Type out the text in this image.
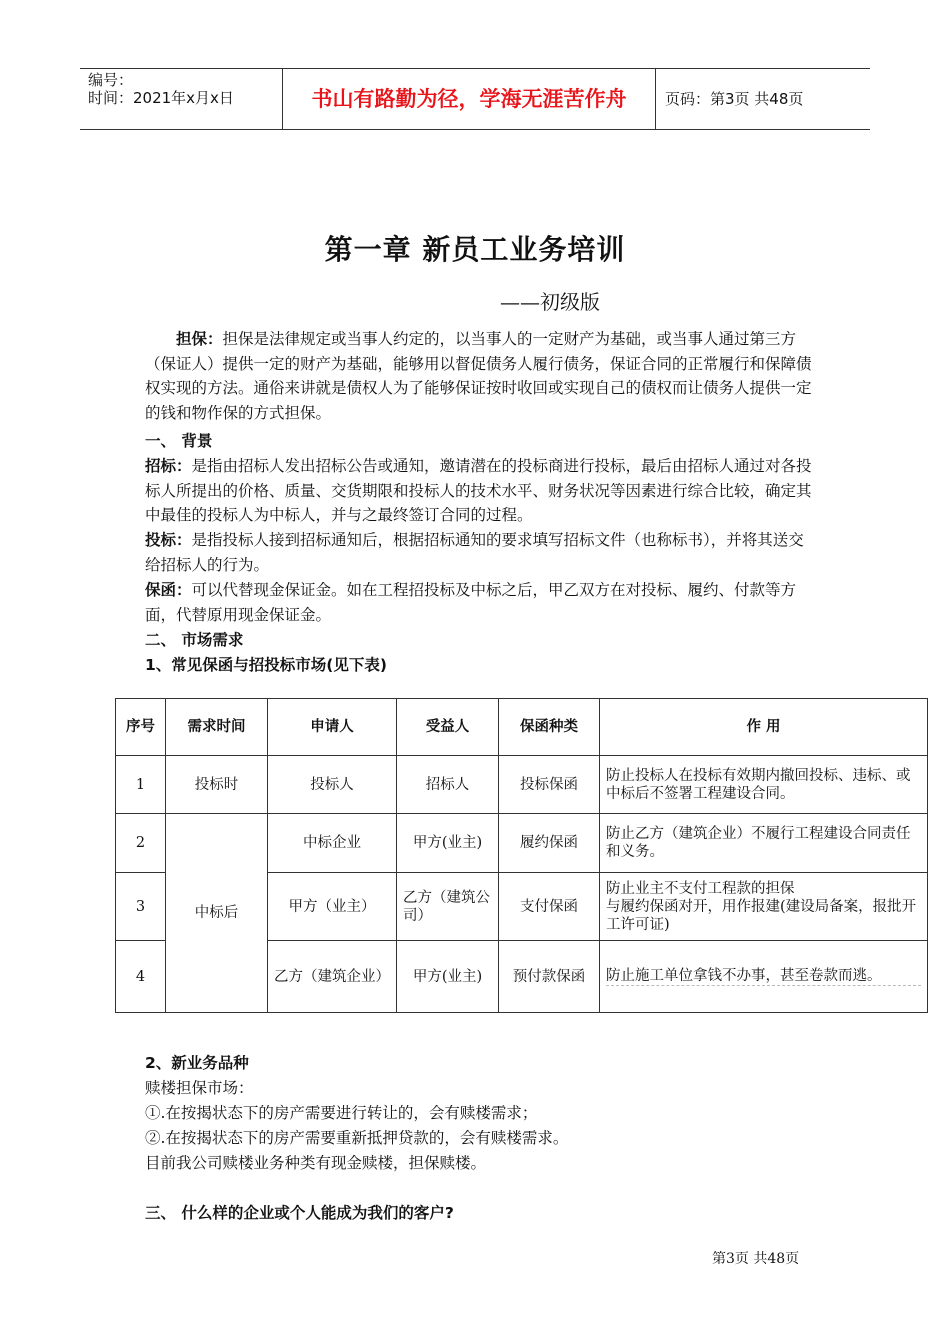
编号：
时间：2021年x月x日	书山有路勤为径，学海无涯苦作舟	页码：第3页 共48页
第一章 新员工业务培训
——初级版
担保：担保是法律规定或当事人约定的，以当事人的一定财产为基础，或当事人通过第三方（保证人）提供一定的财产为基础，能够用以督促债务人履行债务，保证合同的正常履行和保障债权实现的方法。通俗来讲就是债权人为了能够保证按时收回或实现自己的债权而让债务人提供一定的钱和物作保的方式担保。
一、 背景
招标：是指由招标人发出招标公告或通知，邀请潜在的投标商进行投标，最后由招标人通过对各投标人所提出的价格、质量、交货期限和投标人的技术水平、财务状况等因素进行综合比较，确定其中最佳的投标人为中标人，并与之最终签订合同的过程。
投标：是指投标人接到招标通知后，根据招标通知的要求填写招标文件（也称标书），并将其送交给招标人的行为。
保函：可以代替现金保证金。如在工程招投标及中标之后，甲乙双方在对投标、履约、付款等方面，代替原用现金保证金。
二、 市场需求
1、常见保函与招投标市场(见下表)
序号	需求时间	申请人	受益人	保函种类	作 用
1	投标时	投标人	招标人	投标保函	防止投标人在投标有效期内撤回投标、违标、或中标后不签署工程建设合同。
2	中标后	中标企业	甲方(业主)	履约保函	防止乙方（建筑企业）不履行工程建设合同责任和义务。
3		甲方（业主）	乙方（建筑公司）	支付保函	防止业主不支付工程款的担保
与履约保函对开，用作报建(建设局备案，报批开工许可证)

4		乙方（建筑企业）	甲方(业主)	预付款保函	防止施工单位拿钱不办事，甚至卷款而逃。
2、新业务品种
赎楼担保市场：
①.在按揭状态下的房产需要进行转让的，会有赎楼需求；
②.在按揭状态下的房产需要重新抵押贷款的，会有赎楼需求。
目前我公司赎楼业务种类有现金赎楼，担保赎楼。
三、 什么样的企业或个人能成为我们的客户?
第3页 共48页
